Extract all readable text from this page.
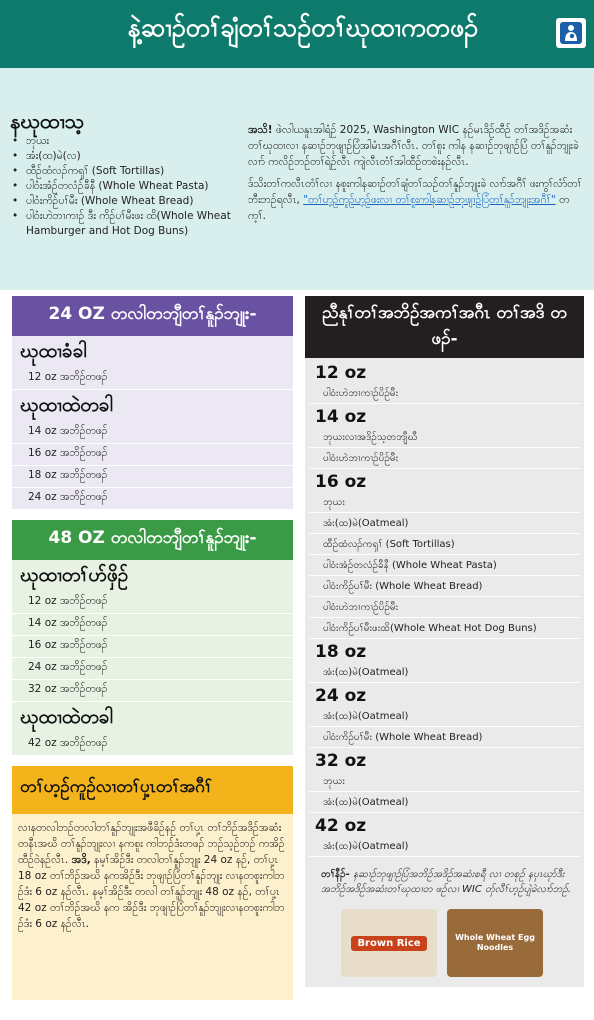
နဲ့ဆၢဉ်တၢ်ချံတၢ်သဉ်တၢ်ဃုထၢကတဖၣ်
နဃုထၢသ့
• ဘုယး
• အံး(ထ)မဲ(လ)
• ထီဉ်ထံလၣ်ကၡၢ် (Soft Tortillas)
• ပါဝံးအံဉ်တလံဉ်ခီနီ (Whole Wheat Pasta)
• ပါဝံးကိဉ်ပၢ်မီး (Whole Wheat Bread)
• ပါဝံးဟဲဘၢကၢဉ် ဒီး ကိဉ်ပၢ်မီးဖး ထိ(Whole Wheat Hamburger and Hot Dog Buns)

အသိ! ဖဲလါယနူၤအါရံဉ် 2025, Washington WIC နဉ်မၤဒိဉ်ထီဉ် တၢ်အဒိဉ်အဆံးတၢ်ဃုထၢလၢ နဆၢဉ်ဘုဖျၢဉ်ပြံအါမံၤအဂီၢ်လီၤ. တၢ်စူး ကါန နဆၢဉ်ဘုဖျၢဉ်ပြံ တၢ်နူၣ်ဘျုးခဲလၢာ် ကလိဉ်ဘဉ်တၢ်ရဲဉ်လီၤ ကျဲလီၤတံၢ်အါထီဉ်တစဲးနဉ်လီၤ.

ဒ်သိးတၢ်ကလီၤတံၢ်လၢ နစူးကါနဆၢဉ်တၢ်ချံတၢ်သဉ်တၢ်နူၣ်ဘျုးခဲ လၢာ်အဂီၢ် ဖးကွၢ်လံာ်တၢ်ဘီးဘဉ်ရလီၤ, "တၢ်ဟ့ဉ်ကူဉ်ဟ့ဉ်ဖးလၢ တၢ်စူးကါနဆၢဉ်ဘုဖျၢဉ်ပြံတၢ်နူၣ်ဘျုးအဂီၢ်" တက့ၢ်.

24 OZ တလါတဘျီတၢ်နူၣ်ဘျုး-
ဃုထၢခံခါ
12 oz အဘိဉ်တဖၣ်
ဃုထၢထဲတခါ
14 oz အဘိဉ်တဖၣ်
16 oz အဘိဉ်တဖၣ်
18 oz အဘိဉ်တဖၣ်
24 oz အဘိဉ်တဖၣ်
48 OZ တလါတဘျီတၢ်နူၣ်ဘျုး-
ဃုထၢတၢ်ဟ်ဖှိဉ်
12 oz အဘိဉ်တဖၣ်
14 oz အဘိဉ်တဖၣ်
16 oz အဘိဉ်တဖၣ်
24 oz အဘိဉ်တဖၣ်
32 oz အဘိဉ်တဖၣ်
ဃုထၢထဲတခါ
42 oz အဘိဉ်တဖၣ်
တၢ်ဟ့ဉ်ကူဉ်လၢတၢ်ပှ့ၤတၢ်အဂီၢ်
လၢနတလါဘဉ်တလါတၢ်နူၣ်ဘျုးအဖီခိဉ်နဉ် တၢ်ပှ့ၤ တၢ်ဘိဉ်အဒိဉ်အဆံးတနီၤအဃိ တၢ်နူၣ်ဘျုးလၢ နကစူး ကါဘဉ်ဒံးတဖၣ် ဘဉ်သ့ဉ်ဘဉ် ကအိဉ်ထီဉ်ဝဲနဉ်လီၤ. အဒိ, နမ့ၢ်အိဉ်ဒီး တလါတၢ်နူၣ်ဘျုး 24 oz နဉ်, တၢ်ပှ့ၤ 18 oz တၢ်ဘိဉ်အဃိ နကအိဉ်ဒီး ဘုဖျၢဉ်ပြံတၢ်နူၣ်ဘျုး လၢနတစူးကါဘဉ်ဒံး 6 oz နဉ်လီၤ. နမ့ၢ်အိဉ်ဒီး တလါ တၢ်နူၣ်ဘျုး 48 oz နဉ်, တၢ်ပှ့ၤ 42 oz တၢ်ဘိဉ်အဃိ နက အိဉ်ဒီး ဘုဖျၢဉ်ပြံတၢ်နူၣ်ဘျုးလၢနတစူးကါဘဉ်ဒံး 6 oz နဉ်လီၤ.
ညီနုၢ်တၢ်အဘိဉ်အကၢ်အဂီၤ တၢ်အဒိ တဖၣ်-
12 oz
ပါဝံးဟဲဘၢကၢဉ်ပိဉ်မီး
14 oz
ဘုယးလၢအဒိဉ်သ့တဘျီဃီ
ပါဝံးဟဲဘၢကၢဉ်ပိဉ်မီး
16 oz
ဘုယး
အံး(ထ)မဲ(Oatmeal)
ထီဉ်ထံလၣ်ကၡၢ် (Soft Tortillas)
ပါဝံးအံဉ်တလံဉ်ခီနီ (Whole Wheat Pasta)
ပါဝံးကိဉ်ပၢ်မီး (Whole Wheat Bread)
ပါဝံးဟဲဘၢကၢဉ်ပိဉ်မီး
ပါဝံးကိဉ်ပၢ်မီးဖးထိ(Whole Wheat Hot Dog Buns)
18 oz
အံး(ထ)မဲ(Oatmeal)
24 oz
အံး(ထ)မဲ(Oatmeal)
ပါဝံးကိဉ်ပၢ်မီး (Whole Wheat Bread)
32 oz
ဘုယး
အံး(ထ)မဲ(Oatmeal)
42 oz
အံး(ထ)မဲ(Oatmeal)
တၢ်နီၣ်- နဆၢဉ်ဘုဖျၢဉ်ပြံအဘိဉ်အဒိဉ်အဆံးစရီ လၢ တစုဉ် နပှၤဃုာ်ဒီး အဘိဉ်အဒိဉ်အဆံးတၢ်ဃုထၢတ ဖဉ်လၢ WIC တှ်လီၢ်ဟ့ဉ်ပျဲခဲလၢာ်ဘဉ်.
Brown Rice	Whole Wheat Egg Noodles
